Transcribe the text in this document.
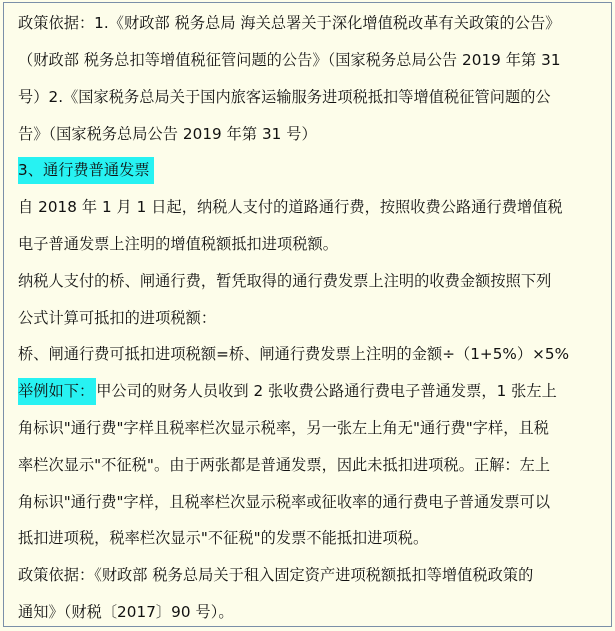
政策依据：1.《财政部 税务总局 海关总署关于深化增值税改革有关政策的公告》
（财政部 税务总扣等增值税征管问题的公告》（国家税务总局公告 2019 年第 31
号）2.《国家税务总局关于国内旅客运输服务进项税抵扣等增值税征管问题的公
告》（国家税务总局公告 2019 年第 31 号）
3、通行费普通发票
自 2018 年 1 月 1 日起，纳税人支付的道路通行费，按照收费公路通行费增值税
电子普通发票上注明的增值税额抵扣进项税额。
纳税人支付的桥、闸通行费，暂凭取得的通行费发票上注明的收费金额按照下列
公式计算可抵扣的进项税额：
桥、闸通行费可抵扣进项税额=桥、闸通行费发票上注明的金额÷（1+5%）×5%
举例如下： 甲公司的财务人员收到 2 张收费公路通行费电子普通发票，1 张左上
角标识"通行费"字样且税率栏次显示税率，另一张左上角无"通行费"字样，且税
率栏次显示"不征税"。由于两张都是普通发票，因此未抵扣进项税。正解：左上
角标识"通行费"字样，且税率栏次显示税率或征收率的通行费电子普通发票可以
抵扣进项税，税率栏次显示"不征税"的发票不能抵扣进项税。
政策依据：《财政部 税务总局关于租入固定资产进项税额抵扣等增值税政策的
通知》（财税〔2017〕90 号）。
